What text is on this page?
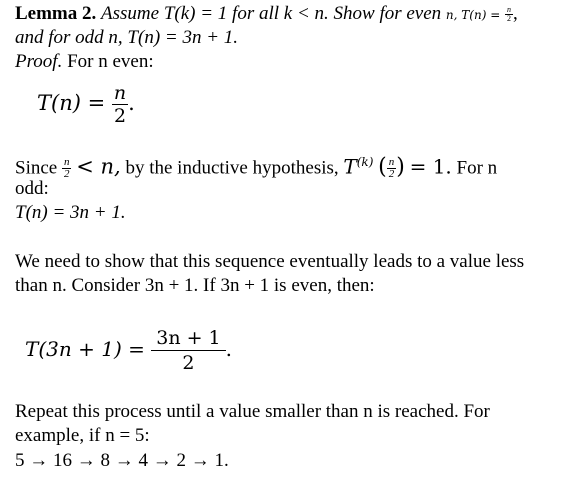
Lemma 2. Assume T(k) = 1 for all k < n. Show for even n, $T(n) = \frac{n}{2}$ ,
and for odd n, T(n) = 3n + 1.
Proof. For n even:
$T(n) = \frac{n}{2}$ .
Since $\frac{n}{2} < n$, by the inductive hypothesis, $T^{(k)}$ ( $\frac{n}{2}$ ) = 1. For n
odd:
T(n) = 3n + 1.
We need to show that this sequence eventually leads to a value less
than n. Consider 3n + 1. If 3n + 1 is even, then:
$T(3n + 1) = \frac{3n + 1}{2}$ .
Repeat this process until a value smaller than n is reached. For
example, if n = 5:
5 → 16 → 8 → 4 → 2 → 1.
